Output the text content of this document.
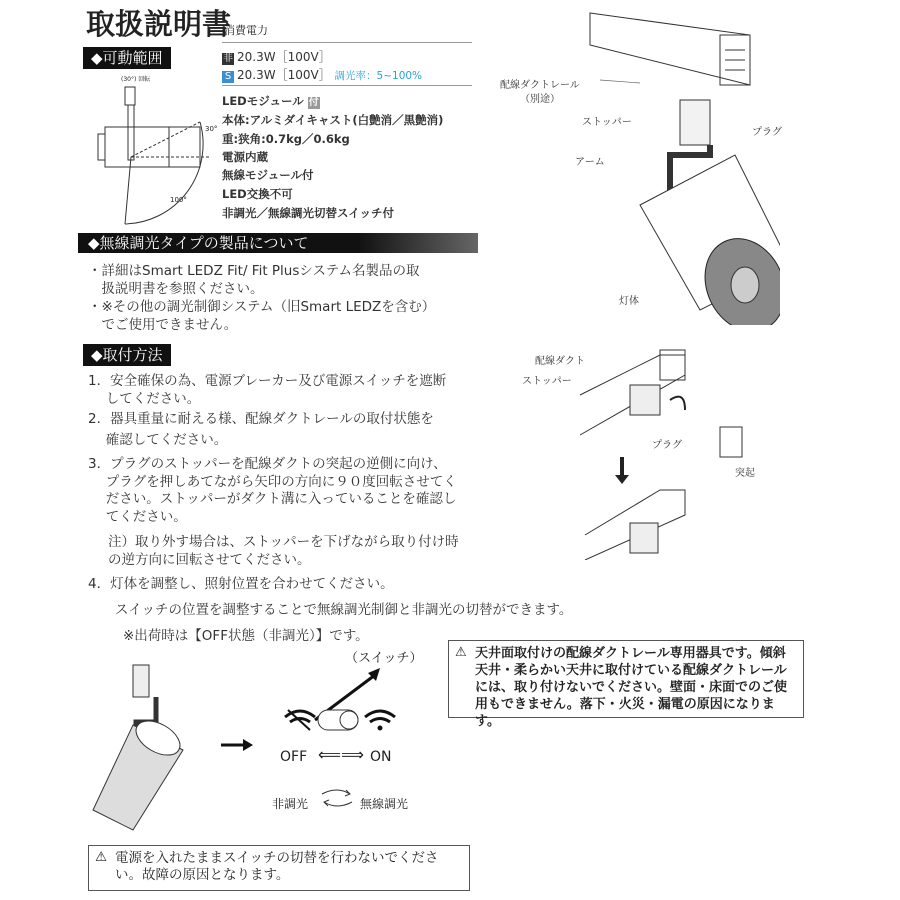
取扱説明書
消費電力
◆可動範囲	非 20.3W［100V］
S 20.3W［100V］ 調光率：5~100%
LEDモジュール 付
本体:アルミダイキャスト(白艶消／黒艶消)
重:狭角:0.7kg／0.6kg
電源内蔵
無線モジュール付
LED交換不可
非調光／無線調光切替スイッチ付
(30°) 回転
30°
100°
◆無線調光タイプの製品について
・詳細はSmart LEDZ Fit/ Fit Plusシステム名製品の取
　扱説明書を参照ください。
・※その他の調光制御システム（旧Smart LEDZを含む）
　でご使用できません。
◆取付方法
1．安全確保の為、電源ブレーカー及び電源スイッチを遮断
　 してください。
2．器具重量に耐える様、配線ダクトレールの取付状態を
　 確認してください。
3．プラグのストッパーを配線ダクトの突起の逆側に向け、
　 プラグを押しあてながら矢印の方向に９０度回転させてく
　 ださい。ストッパーがダクト溝に入っていることを確認し
　 てください。
注）取り外す場合は、ストッパーを下げながら取り付け時
の逆方向に回転させてください。
4．灯体を調整し、照射位置を合わせてください。
スイッチの位置を調整することで無線調光制御と非調光の切替ができます。
※出荷時は【OFF状態（非調光）】です。
配線ダクトレール
（別途）
ストッパー
プラグ
アーム
灯体
配線ダクト
ストッパー
プラグ
突起
⚠ 天井面取付けの配線ダクトレール専用器具です。傾斜天井・柔らかい天井に取付けている配線ダクトレールには、取り付けないでください。壁面・床面でのご使用もできません。落下・火災・漏電の原因になります。
（スイッチ）
OFF ⟸⟹ ON
非調光	無線調光
⚠ 電源を入れたままスイッチの切替を行わないでください。故障の原因となります。
